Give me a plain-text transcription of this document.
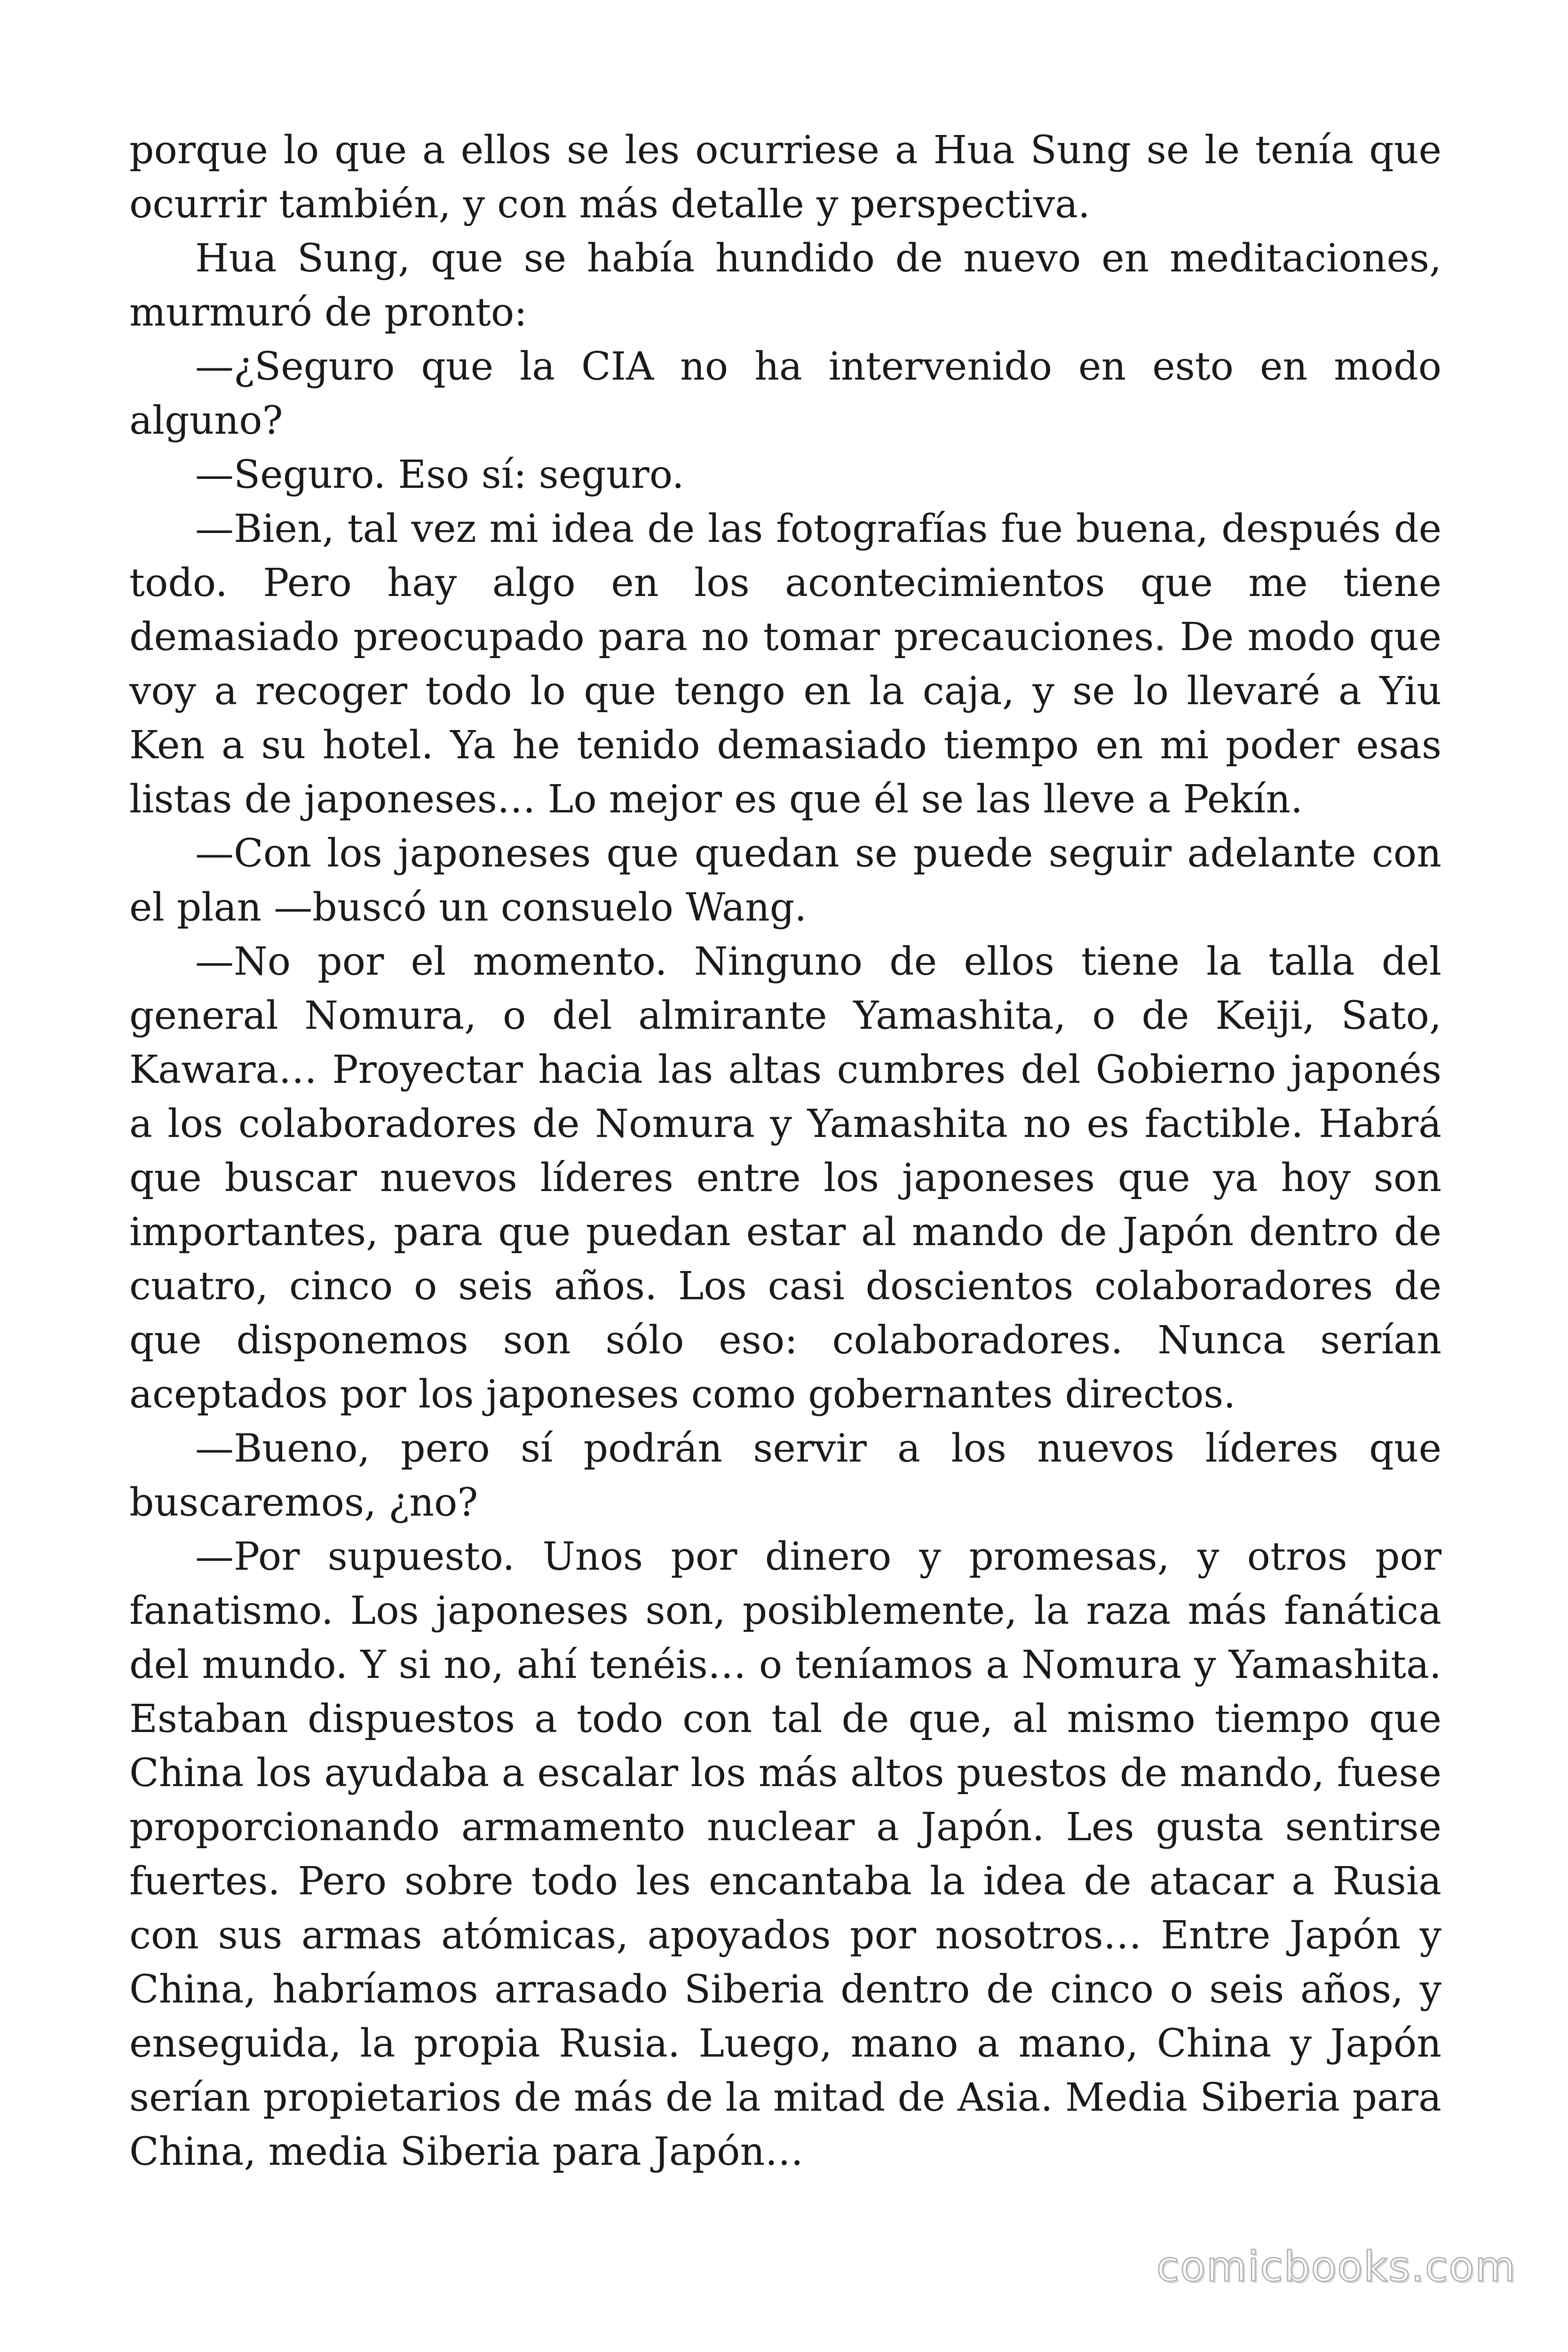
porque lo que a ellos se les ocurriese a Hua Sung se le tenía que ocurrir también, y con más detalle y perspectiva.

Hua Sung, que se había hundido de nuevo en meditaciones, murmuró de pronto:

—¿Seguro que la CIA no ha intervenido en esto en modo alguno?

—Seguro. Eso sí: seguro.

—Bien, tal vez mi idea de las fotografías fue buena, después de todo. Pero hay algo en los acontecimientos que me tiene demasiado preocupado para no tomar precauciones. De modo que voy a recoger todo lo que tengo en la caja, y se lo llevaré a Yiu Ken a su hotel. Ya he tenido demasiado tiempo en mi poder esas listas de japoneses… Lo mejor es que él se las lleve a Pekín.

—Con los japoneses que quedan se puede seguir adelante con el plan —buscó un consuelo Wang.

—No por el momento. Ninguno de ellos tiene la talla del general Nomura, o del almirante Yamashita, o de Keiji, Sato, Kawara… Proyectar hacia las altas cumbres del Gobierno japonés a los colaboradores de Nomura y Yamashita no es factible. Habrá que buscar nuevos líderes entre los japoneses que ya hoy son importantes, para que puedan estar al mando de Japón dentro de cuatro, cinco o seis años. Los casi doscientos colaboradores de que disponemos son sólo eso: colaboradores. Nunca serían aceptados por los japoneses como gobernantes directos.

—Bueno, pero sí podrán servir a los nuevos líderes que buscaremos, ¿no?

—Por supuesto. Unos por dinero y promesas, y otros por fanatismo. Los japoneses son, posiblemente, la raza más fanática del mundo. Y si no, ahí tenéis… o teníamos a Nomura y Yamashita. Estaban dispuestos a todo con tal de que, al mismo tiempo que China los ayudaba a escalar los más altos puestos de mando, fuese proporcionando armamento nuclear a Japón. Les gusta sentirse fuertes. Pero sobre todo les encantaba la idea de atacar a Rusia con sus armas atómicas, apoyados por nosotros… Entre Japón y China, habríamos arrasado Siberia dentro de cinco o seis años, y enseguida, la propia Rusia. Luego, mano a mano, China y Japón serían propietarios de más de la mitad de Asia. Media Siberia para China, media Siberia para Japón…

comicbooks.com
